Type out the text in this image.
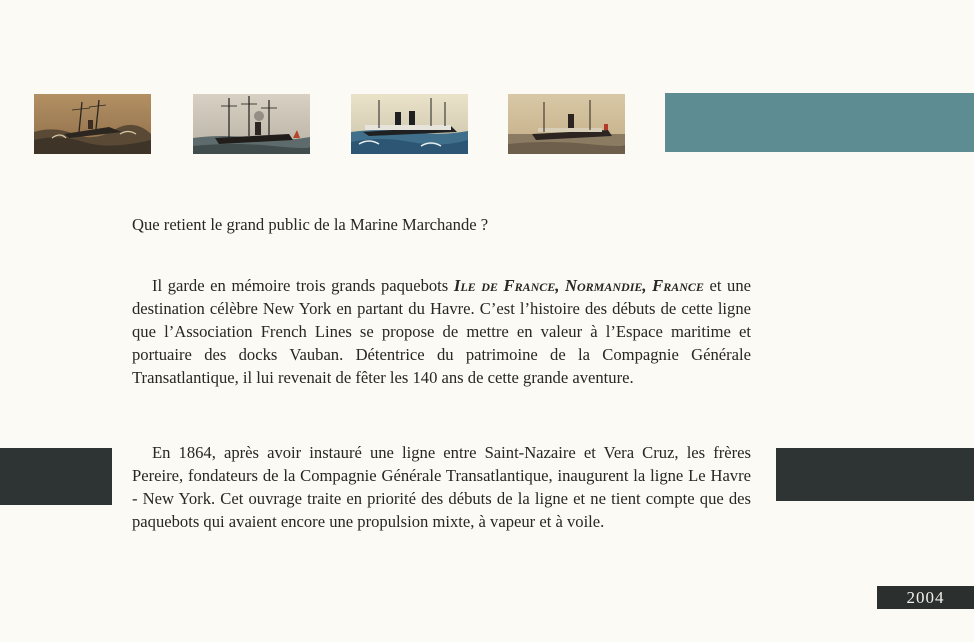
Que retient le grand public de la Marine Marchande ?

Il garde en mémoire trois grands paquebots Ile de France, Normandie, France et une destination célèbre New York en partant du Havre. C’est l’histoire des débuts de cette ligne que l’Association French Lines se propose de mettre en valeur à l’Espace maritime et portuaire des docks Vauban. Détentrice du patrimoine de la Compagnie Générale Transatlantique, il lui revenait de fêter les 140 ans de cette grande aventure.

En 1864, après avoir instauré une ligne entre Saint-Nazaire et Vera Cruz, les frères Pereire, fondateurs de la Compagnie Générale Transatlantique, inaugurent la ligne Le Havre - New York. Cet ouvrage traite en priorité des débuts de la ligne et ne tient compte que des paquebots qui avaient encore une propulsion mixte, à vapeur et à voile.

2004
